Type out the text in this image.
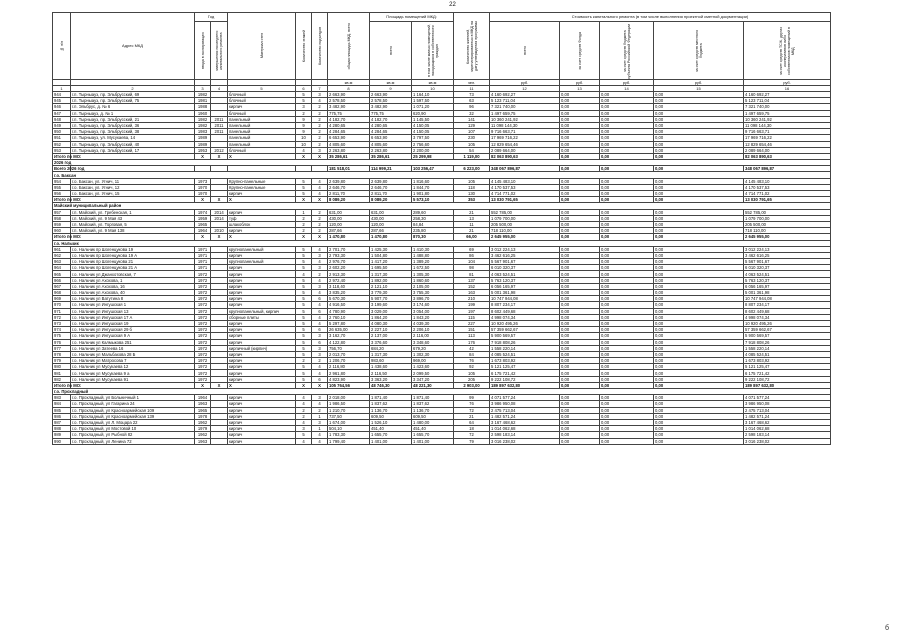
22
№ п/п	Адрес МКД	Год		Материал стен	Количество этажей	Количество подъездов	общая площадь МКД, всего	Площадь помещений МКД:		Количество жителей, зарегистрированных в МКД на дату утверждения программы	Стоимость капитального ремонта (в том числе выполнения проектной сметной документации)				

		ввода в эксплуатацию	завершения последнего капитального ремонта					всего	в том числе жилых помещений, находящихся в собственности граждан		всего	за счет средств Фонда	за счет средств бюджета субъекта Российской Федерации	за счет средств местного бюджета	за счет средств ТСЖ, других кооперативов либо собственников помещений в МКД

							кв.м	кв.м	кв.м	чел.	руб.	руб.	руб.	руб.	руб.
1	2	3	4	5	6	7	8	9	10	11	12	13	14	15	16
944	г.п. Тырныауз, пр. Эльбрусский, 69	1982		блочный	5	3	2 663,90	2 663,90	1 164,10	73	4 160 692,27	0,00	0,00	0,00	4 160 692,27
945	г.п. Тырныауз, пр. Эльбрусский, 75	1981		блочный	5	4	2 578,50	2 578,50	1 597,50	63	5 123 711,04	0,00	0,00	0,00	5 123 711,04
946	г.п. Эльбрус, д. № 6	1988		кирпич	3	2	3 482,90	3 482,90	1 071,20	96	7 321 740,00	0,00	0,00	0,00	7 321 740,00
947	г.п. Тырныауз, д. № 1	1960		блочный	2	2	775,75	775,75	620,90	32	1 497 659,75	0,00	0,00	0,00	1 497 659,75
948	г.п. Тырныауз, пр. Эльбрусский, 21	1982	2011	панельный	9	2	4 182,70	4 182,70	1 145,50	141	10 360 241,92	0,00	0,00	0,00	10 360 241,92
949	г.п. Тырныауз, пр. Эльбрусский, 36	1982	2011	панельный	9	2	4 280,65	4 280,65	4 150,05	129	11 098 144,30	0,00	0,00	0,00	11 098 144,30
950	г.п. Тырныауз, пр. Эльбрусский, 38	1983	2011	панельный	9	2	4 284,65	4 284,65	4 150,05	107	9 716 663,71	0,00	0,00	0,00	9 716 663,71
951	г.п. Тырныауз, ул. Мусукаева, 14	1989		панельный	10	2	6 653,90	6 653,90	3 797,50	230	17 969 716,22	0,00	0,00	0,00	17 969 716,22
952	г.п. Тырныауз, пр. Эльбрусский, 40	1989		панельный	10	2	4 805,60	4 805,60	2 756,60	105	12 829 654,46	0,00	0,00	0,00	12 829 654,46
953	г.п. Тырныауз, пр. Эльбрусский, 17	1953	2012	блочный	4	3	2 263,80	2 263,80	2 200,00	54	2 089 664,00	0,00	0,00	0,00	2 089 664,00
Итого по МО:		X	X	X	X	X	35 286,61	35 286,61	25 299,98	1 119,00	82 063 890,63	0,00	0,00	0,00	82 063 890,63
2026 год															
Всего 2026 год							181 518,01	114 999,21	103 256,47	6 223,00	348 067 896,87	0,00	0,00	0,00	348 067 896,87
г.о. Баксан															
954	г.о. Баксан, ул. Угнич, 11	1973		Крупно-панельные	5	4	2 639,80	2 639,80	1 816,60	105	4 145 483,10	0,00	0,00	0,00	4 145 483,10
955	г.о. Баксан, ул. Угнич, 12	1970		Крупно-панельные	5	4	2 646,70	2 646,70	1 844,70	118	4 170 537,53	0,00	0,00	0,00	4 170 537,53
956	г.о. Баксан, ул. Угнич, 15	1970		кирпич	5	4	2 811,70	2 811,70	1 901,80	130	4 714 771,02	0,00	0,00	0,00	4 714 771,02
Итого по МО:		X	X	X	X	X	8 089,20	8 089,20	5 573,10	353	13 030 791,65	0,00	0,00	0,00	13 030 791,65
Майский муниципальный район															
957	г.п. Майский, ул. Гребенская, 1	1974	2014	кирпич	1	2	631,00	631,00	289,60	21	552 785,00	0,00	0,00	0,00	552 785,00
958	г.п. Майский, ул. 9 Мая 43	1959	2014	туф	2	2	430,00	430,00	258,30	13	1 079 700,00	0,00	0,00	0,00	1 079 700,00
959	г.п. Майский, ул. Торговая, 5	1965		шлакоблок	2	2	120,00	120,00	84,84	11	205 500,00	0,00	0,00	0,00	205 500,00
960	г.п. Майский, ул. 9 Мая 138	1964	2010	кирпич	2	2	287,66	287,66	235,80	21	718 110,00	0,00	0,00	0,00	718 110,00
Итого по МО:		X	X	X	X	X	1 470,80	1 470,80	870,30	66,00	2 645 955,00	0,00	0,00	0,00	2 645 955,00
г.о. Нальчик															
961	г.о. Нальчик пр Шогенцукова 19	1971		крупнопанельный	5	4	2 701,70	1 425,30	1 410,30	69	3 012 224,13	0,00	0,00	0,00	3 012 224,13
962	г.о. Нальчик пр Шогенцукова 19 А	1971		кирпич	5	3	2 793,30	1 504,80	1 488,80	86	3 462 616,25	0,00	0,00	0,00	3 462 616,25
963	г.о. Нальчик пр Шогенцукова 21	1971		крупнопанельный	5	4	2 976,70	1 417,20	1 389,20	104	5 567 901,67	0,00	0,00	0,00	5 567 901,67
964	г.о. Нальчик пр Шогенцукова 21 А	1971		кирпич	5	3	2 602,20	1 695,50	1 672,50	98	6 010 320,37	0,00	0,00	0,00	6 010 320,37
965	г.о. Нальчик ул Джанхотовская, 7	1972		кирпич	4	2	2 913,30	1 317,30	1 305,30	81	4 063 524,51	0,00	0,00	0,00	4 063 524,51
966	г.о. Нальчик ул Ахохова, 1	1972		кирпич	5	4	2 972,40	1 892,00	1 860,60	137	5 763 120,37	0,00	0,00	0,00	5 763 120,37
967	г.о. Нальчик ул Ахохова, 16	1972		кирпич	5	3	3 118,40	2 121,10	2 105,00	152	6 056 165,97	0,00	0,00	0,00	6 056 165,97
968	г.о. Нальчик ул Ахохова, 40	1972		кирпич	5	4	3 835,20	3 779,30	3 755,30	163	5 001 361,98	0,00	0,00	0,00	5 001 361,98
969	г.о. Нальчик ул Ватутина 8	1972		кирпич	5	6	5 670,30	5 907,70	3 896,70	210	10 747 944,08	0,00	0,00	0,00	10 747 944,08
970	г.о. Нальчик ул Ингушская 1	1972		кирпич	5	4	4 916,50	3 199,60	3 174,60	199	8 807 234,17	0,00	0,00	0,00	8 807 234,17
971	г.о. Нальчик ул Ингушская 13	1972		крупнопанельный, кирпич	5	6	4 780,90	3 029,00	3 054,00	197	8 602 449,68	0,00	0,00	0,00	8 602 449,68
972	г.о. Нальчик ул Ингушская 17 А	1972		сборные плиты	5	4	2 760,10	1 864,20	1 843,20	115	4 998 074,34	0,00	0,00	0,00	4 998 074,34
973	г.о. Нальчик ул Ингушская 19	1972		кирпич	5	4	5 297,80	4 080,30	4 039,30	227	10 920 495,26	0,00	0,00	0,00	10 920 495,26
974	г.о. Нальчик ул Ингушская 29 б	1972		кирпич	5	6	26 635,00	2 227,10	2 206,10	151	57 359 662,67	0,00	0,00	0,00	57 359 662,67
975	г.о. Нальчик ул Ингушская 9 А	1972		кирпич	5	3	3 162,70	2 137,00	2 116,00	113	5 900 569,57	0,00	0,00	0,00	5 900 569,57
976	г.о. Нальчик ул Калмыкова 251	1972		кирпич	5	6	4 122,80	3 376,60	3 348,60	176	7 918 808,26	0,00	0,00	0,00	7 918 808,26
977	г.о. Нальчик ул Затеева 16	1972		кирпичный (кирпич)	5	3	756,70	684,20	679,20	42	1 558 220,14	0,00	0,00	0,00	1 558 220,14
978	г.о. Нальчик ул Мальбахова 28 Б	1972		кирпич	5	3	2 013,70	1 317,30	1 302,30	84	4 085 524,51	0,00	0,00	0,00	4 085 524,51
979	г.о. Нальчик ул Матросова 7	1972		кирпич	2	2	1 206,70	983,60	969,00	76	1 673 803,92	0,00	0,00	0,00	1 673 803,92
980	г.о. Нальчик ул Мусукаева 12	1972		кирпич	5	4	2 116,80	1 438,60	1 423,60	92	5 121 125,47	0,00	0,00	0,00	5 121 125,47
981	г.о. Нальчик ул Мусукаева 9 а	1972		кирпич	5	4	2 961,80	2 116,50	2 099,50	105	6 175 721,42	0,00	0,00	0,00	6 175 721,42
982	г.о. Нальчик ул Мусукаева 91	1972		кирпич	5	6	4 823,90	3 363,20	3 347,20	205	9 222 108,72	0,00	0,00	0,00	9 222 108,72
Итого по МО:		X	X	X	X	X	105 764,56	48 746,30	48 221,30	2 903,00	189 897 632,80	0,00	0,00	0,00	189 897 632,80
г.о. Прохладный															
983	г.о. Прохладный, ул Больничный 1	1964		кирпич	4	3	2 018,00	1 871,40	1 871,40	99	4 071 577,24	0,00	0,00	0,00	4 071 577,24
984	г.о. Прохладный, ул Гагарина 24	1963		кирпич	4	4	1 986,50	1 837,62	1 837,62	76	3 986 950,08	0,00	0,00	0,00	3 986 950,08
985	г.о. Прохладный, ул Красноармейская 109	1965		кирпич	2	2	1 210,70	1 136,70	1 136,70	72	2 475 713,04	0,00	0,00	0,00	2 475 713,04
986	г.о. Прохладный, ул Красноармейская 139	1978		кирпич	2	1	737,50	609,50	609,50	21	1 482 571,24	0,00	0,00	0,00	1 482 571,24
987	г.о. Прохладный, ул Л. Моцара 22	1962		кирпич	4	3	1 674,00	1 526,10	1 480,00	64	3 167 468,62	0,00	0,00	0,00	3 167 468,62
988	г.о. Прохладный, ул Мостовой 10	1979		кирпич	3	1	504,10	451,40	451,40	18	1 014 062,68	0,00	0,00	0,00	1 014 062,68
989	г.о. Прохладный, ул Рыбной 82	1962		кирпич	5	4	1 783,30	1 655,70	1 655,70	72	2 598 183,14	0,00	0,00	0,00	2 598 183,14
990	г.о. Прохладный, ул Ленина 72	1963		кирпич	4	4	1 799,40	1 401,00	1 401,00	79	3 016 238,02	0,00	0,00	0,00	3 016 238,02
б
